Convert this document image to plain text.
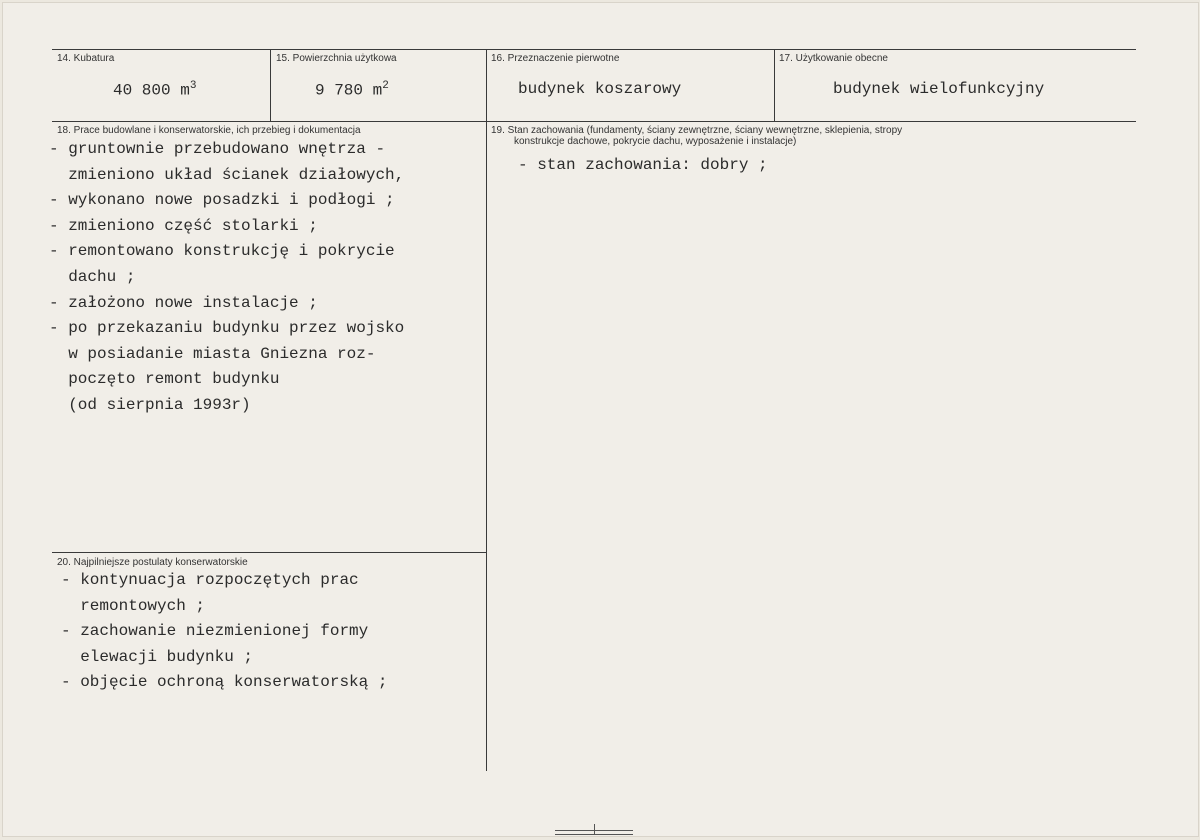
14. Kubatura
40 800 $m^3$
15. Powierzchnia użytkowa
9 780 $m^2$
16. Przeznaczenie pierwotne
budynek koszarowy
17. Użytkowanie obecne
budynek wielofunkcyjny
18. Prace budowlane i konserwatorskie, ich przebieg i dokumentacja
- gruntownie przebudowano wnętrza -
zmieniono układ ścianek działowych,
- wykonano nowe posadzki i podłogi ;
- zmieniono część stolarki ;
- remontowano konstrukcję i pokrycie
dachu ;
- założono nowe instalacje ;
- po przekazaniu budynku przez wojsko
w posiadanie miasta Gniezna roz-
poczęto remont budynku
(od sierpnia 1993r)
19. Stan zachowania (fundamenty, ściany zewnętrzne, ściany wewnętrzne, sklepienia, stropy
konstrukcje dachowe, pokrycie dachu, wyposażenie i instalacje)
- stan zachowania: dobry ;
20. Najpilniejsze postulaty konserwatorskie
- kontynuacja rozpoczętych prac
remontowych ;
- zachowanie niezmienionej formy
elewacji budynku ;
- objęcie ochroną konserwatorską ;
